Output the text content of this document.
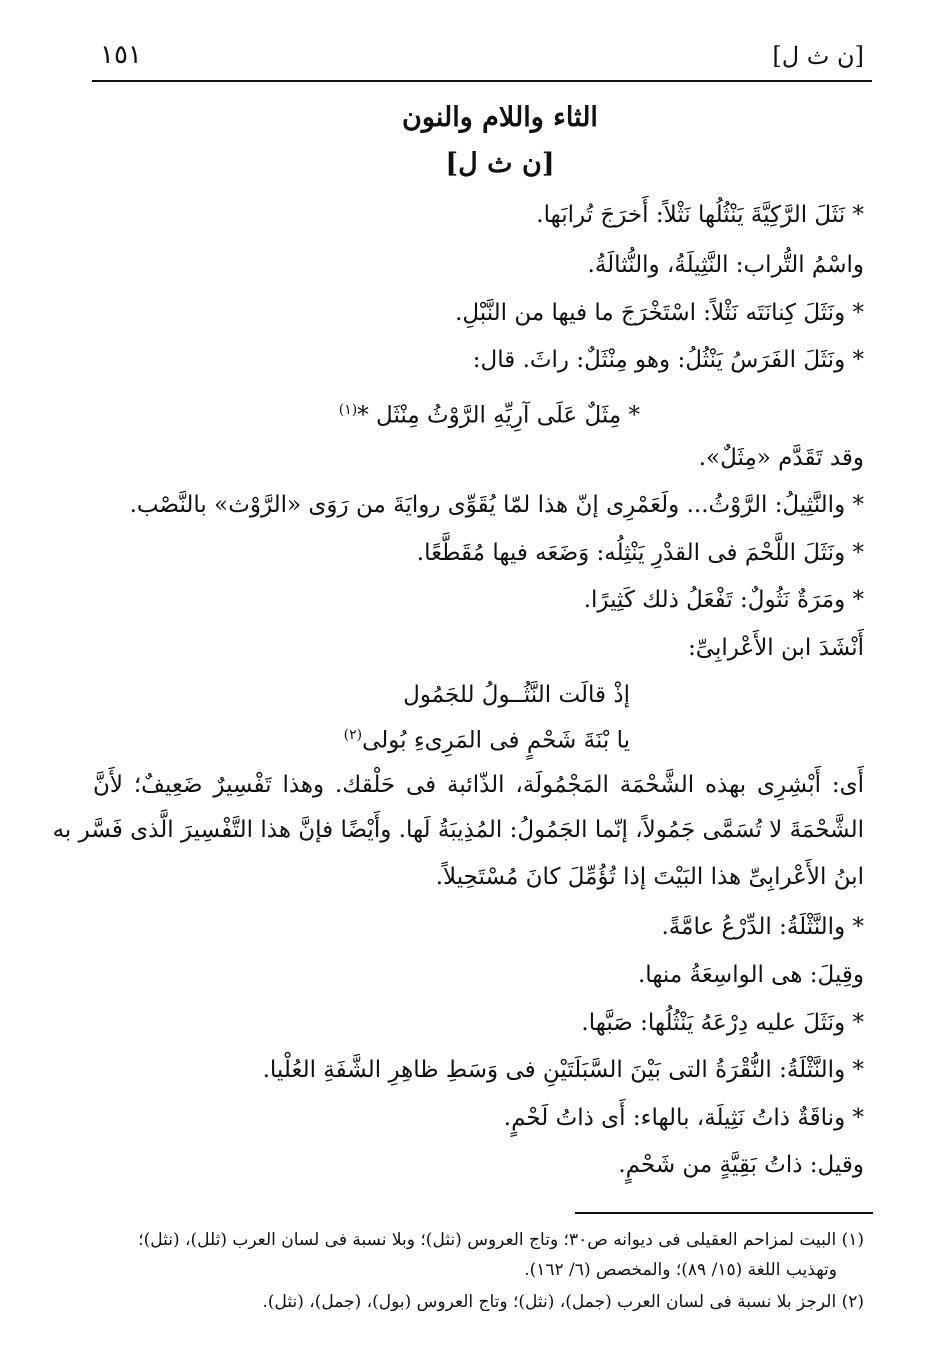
[ن ث ل]
١٥١
الثاء واللام والنون
[ن ث ل]
* نَثَلَ الرَّكِيَّةَ يَنْثُلُها نَثْلاً: أَخرَجَ تُرابَها.
واسْمُ التُّراب: النَّثِيلَةُ، والنُّثالَةُ.
* ونَثَلَ كِنانَتَه نَثْلاً: اسْتَخْرَجَ ما فيها من النَّبْلِ.
* ونَثَلَ الفَرَسُ يَنْثُلُ: وهو مِنْثَلٌ: راثَ. قال:
* مِثَلٌ عَلَى آرِيِّهِ الرَّوْثُ مِنْثَل *$^{(١)}$
وقد تَقَدَّم «مِثَلٌ».
* والنَّثِيلُ: الرَّوْثُ... ولَعَمْرِى إنّ هذا لمّا يُقَوِّى روايَةَ من رَوَى «الرَّوْث» بالنَّصْب.
* ونَثَلَ اللَّحْمَ فى القدْرِ يَنْثِلُه: وَضَعَه فيها مُقَطَّعًا.
* ومَرَةٌ نَثُولٌ: تَفْعَلُ ذلك كَثِيرًا.
أَنْشَدَ ابن الأَعْرابِىِّ:
إذْ قالَت النَّثُــولُ للجَمُول
يا بْنَةَ شَحْمٍ فى المَرِىءِ بُولى$^{(٢)}$
أَى: أَبْشِرِى بهذه الشَّحْمَة المَجْمُولَة، الذّائبة فى حَلْقك. وهذا تَفْسِيرٌ ضَعِيفٌ؛ لأَنَّ
الشَّحْمَةَ لا تُسَمَّى جَمُولاً، إنّما الجَمُولُ: المُذِيبَةُ لَها. وأَيْضًا فإنَّ هذا التَّفْسِيرَ الَّذى فَسَّر به
ابنُ الأَعْرابِىِّ هذا البَيْتَ إذا تُؤُمِّلَ كانَ مُسْتَحِيلاً.
* والنَّثْلَةُ: الدِّرْعُ عامَّةً.
وقِيلَ: هى الواسِعَةُ منها.
* ونَثَلَ عليه دِرْعَهُ يَنْثُلُها: صَبَّها.
* والنَّثْلَةُ: النُّقْرَةُ التى بَيْنَ السَّبَلَتَيْنِ فى وَسَطِ ظاهِرِ الشَّفَةِ العُلْيا.
* وناقَةٌ ذاتُ نَثِيلَة، بالهاء: أَى ذاتُ لَحْمٍ.
وقيل: ذاتُ بَقِيَّةٍ من شَحْمٍ.
(١) البيت لمزاحم العقيلى فى ديوانه ص٣٠؛ وتاج العروس (نثل)؛ وبلا نسبة فى لسان العرب (ثلل)، (نثل)؛
وتهذيب اللغة (١٥/ ٨٩)؛ والمخصص (٦/ ١٦٢).
(٢) الرجز بلا نسبة فى لسان العرب (جمل)، (نثل)؛ وتاج العروس (بول)، (جمل)، (نثل).
